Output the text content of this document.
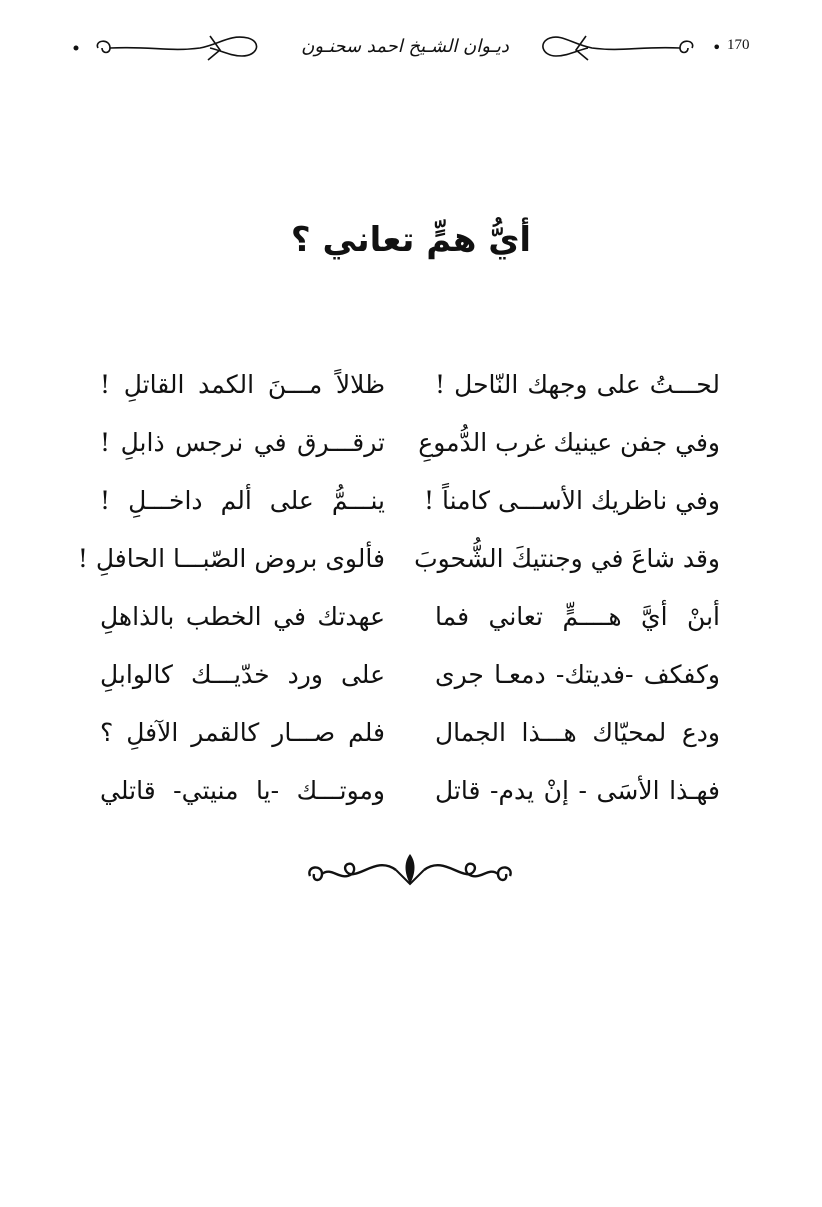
ديـوان الشـيخ احمد سحنـون	• 170
أيُّ همٍّ تعاني ؟
لحـــتُ على وجهك النّاحل !
ظلالاً مـــنَ الكمد القاتلِ !
وفي جفن عينيك غرب الدُّموعِ
ترقـــرق في نرجس ذابلِ !
وفي ناظريك الأســـى كامناً !
ينـــمُّ على ألم داخـــلِ !
وقد شاعَ في وجنتيكَ الشُّحوبَ
فألوى بروض الصّبـــا الحافلِ !
أبنْ أيَّ هــــمٍّ تعاني فما
عهدتك في الخطب بالذاهلِ
وكفكف -فديتك- دمعـا جرى
على ورد خدّيـــك كالوابلِ
ودع لمحيّاك هـــذا الجمال
فلم صـــار كالقمر الآفلِ ؟
فهـذا الأسَى - إنْ يدم- قاتل
وموتـــك -يا منيتي- قاتلي
